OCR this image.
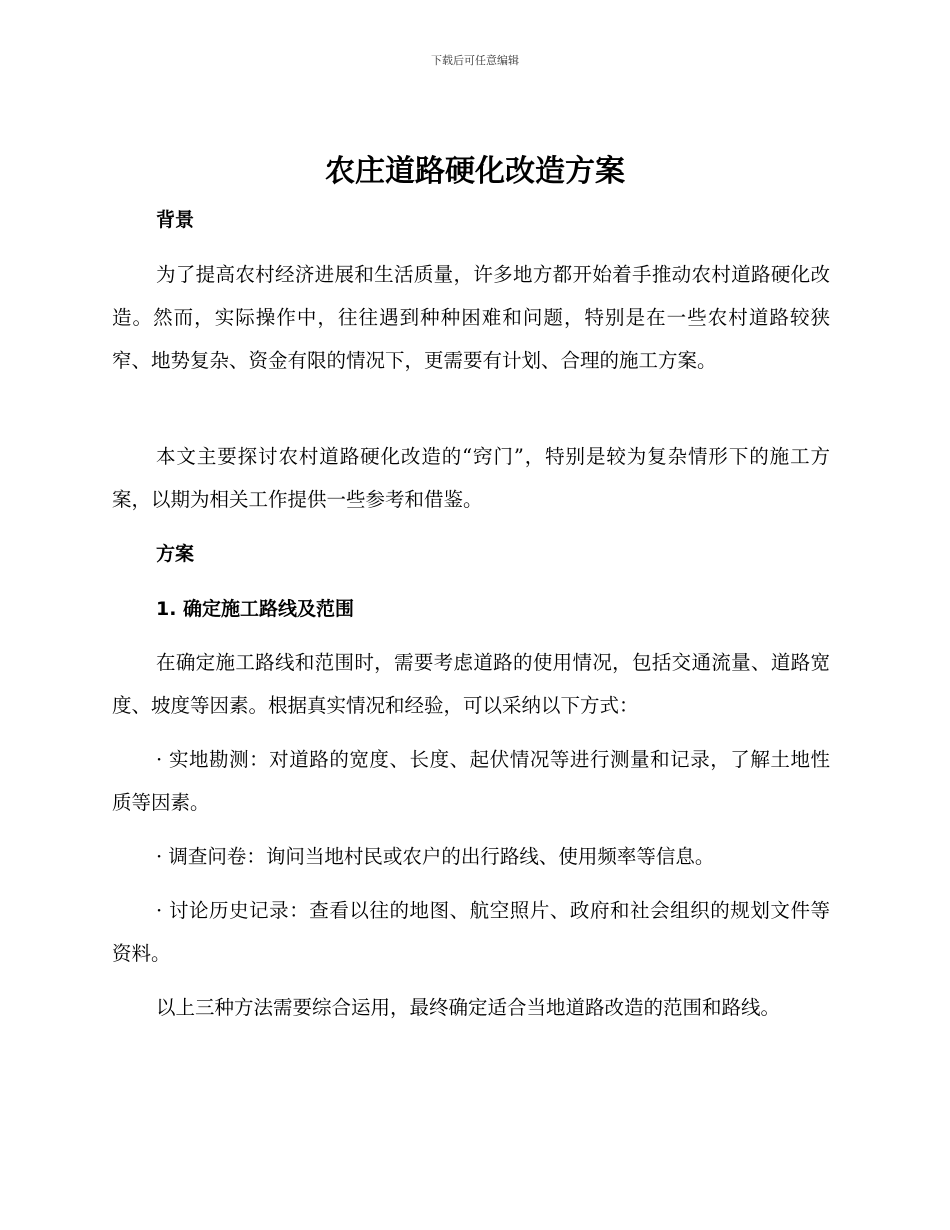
下载后可任意编辑
农庄道路硬化改造方案
背景

为了提高农村经济进展和生活质量，许多地方都开始着手推动农村道路硬化改造。然而，实际操作中，往往遇到种种困难和问题，特别是在一些农村道路较狭窄、地势复杂、资金有限的情况下，更需要有计划、合理的施工方案。

本文主要探讨农村道路硬化改造的“窍门”，特别是较为复杂情形下的施工方案，以期为相关工作提供一些参考和借鉴。

方案
1. 确定施工路线及范围

在确定施工路线和范围时，需要考虑道路的使用情况，包括交通流量、道路宽度、坡度等因素。根据真实情况和经验，可以采纳以下方式：

· 实地勘测：对道路的宽度、长度、起伏情况等进行测量和记录，了解土地性质等因素。

· 调查问卷：询问当地村民或农户的出行路线、使用频率等信息。

· 讨论历史记录：查看以往的地图、航空照片、政府和社会组织的规划文件等资料。

以上三种方法需要综合运用，最终确定适合当地道路改造的范围和路线。
